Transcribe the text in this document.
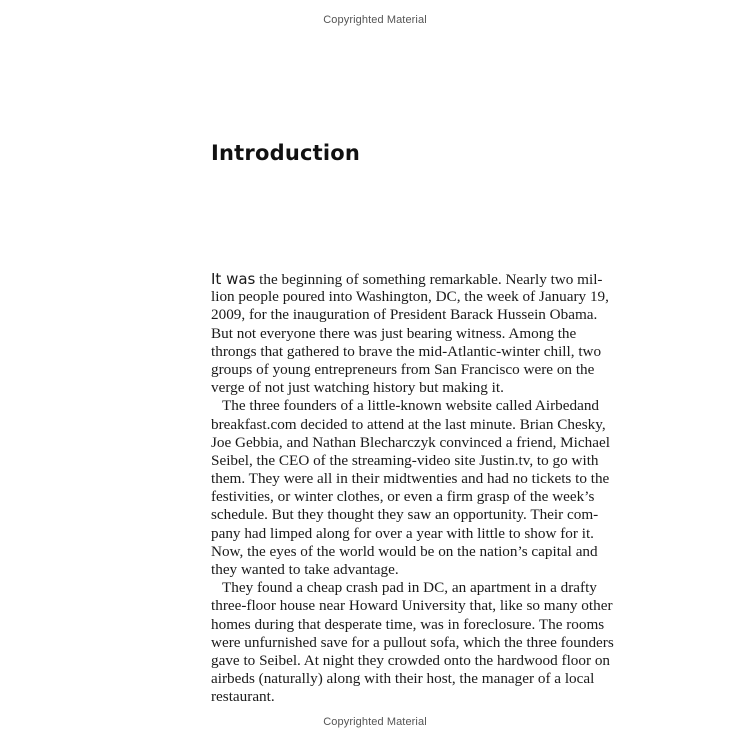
Copyrighted Material
Introduction
It was the beginning of something remarkable. Nearly two mil-
lion people poured into Washington, DC, the week of January 19,
2009, for the inauguration of President Barack Hussein Obama.
But not everyone there was just bearing witness. Among the
throngs that gathered to brave the mid-Atlantic-winter chill, two
groups of young entrepreneurs from San Francisco were on the
verge of not just watching history but making it.
The three founders of a little-known website called Airbedand
breakfast.com decided to attend at the last minute. Brian Chesky,
Joe Gebbia, and Nathan Blecharczyk convinced a friend, Michael
Seibel, the CEO of the streaming-video site Justin.tv, to go with
them. They were all in their midtwenties and had no tickets to the
festivities, or winter clothes, or even a firm grasp of the week’s
schedule. But they thought they saw an opportunity. Their com-
pany had limped along for over a year with little to show for it.
Now, the eyes of the world would be on the nation’s capital and
they wanted to take advantage.
They found a cheap crash pad in DC, an apartment in a drafty
three-floor house near Howard University that, like so many other
homes during that desperate time, was in foreclosure. The rooms
were unfurnished save for a pullout sofa, which the three founders
gave to Seibel. At night they crowded onto the hardwood floor on
airbeds (naturally) along with their host, the manager of a local
restaurant.
Copyrighted Material
